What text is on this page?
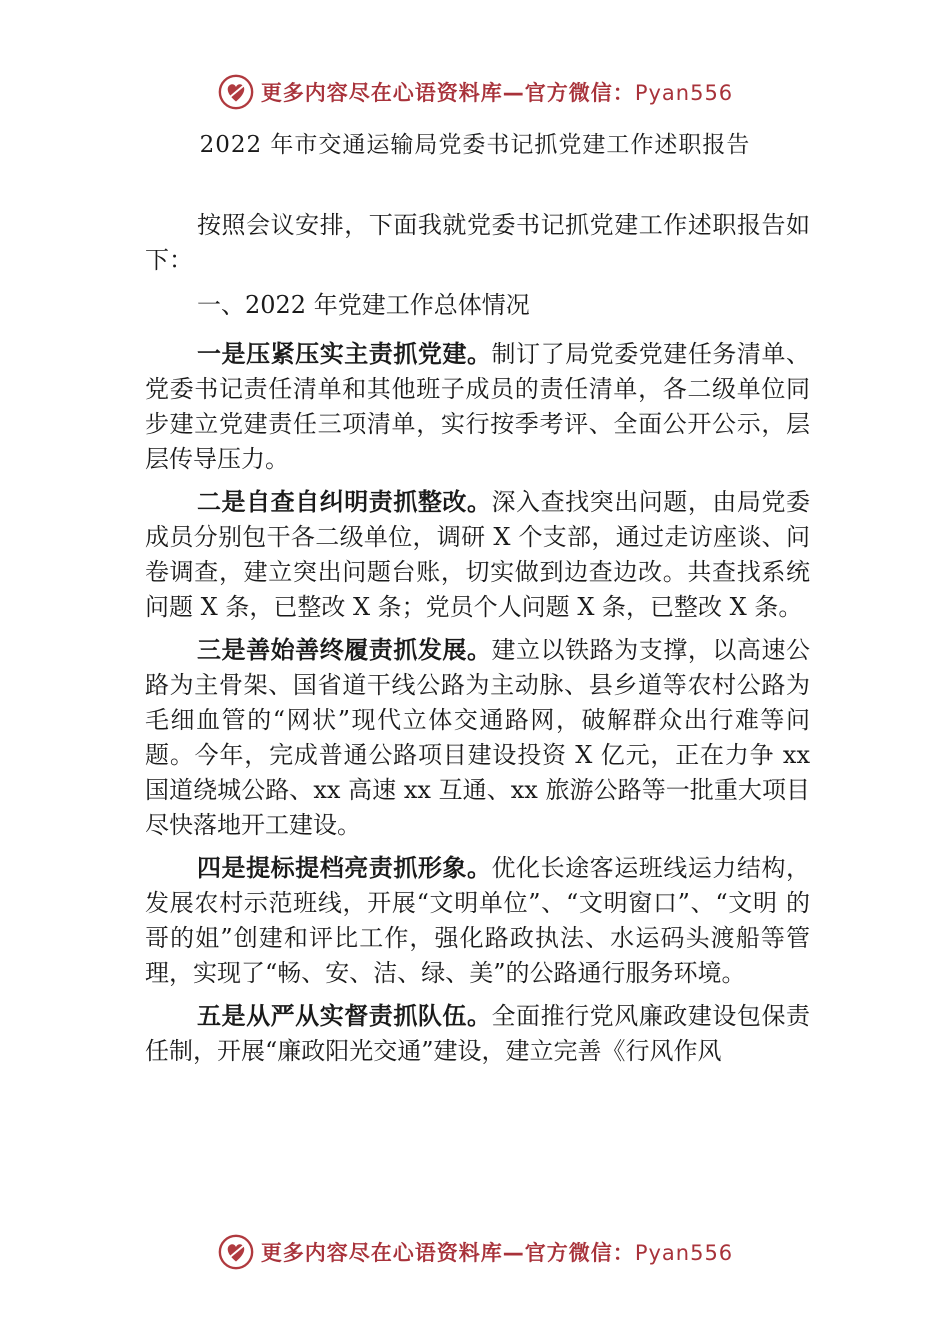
更多内容尽在心语资料库—官方微信：Pyan556
2022 年市交通运输局党委书记抓党建工作述职报告

按照会议安排，下面我就党委书记抓党建工作述职报告如下：

一、2022 年党建工作总体情况

一是压紧压实主责抓党建。制订了局党委党建任务清单、党委书记责任清单和其他班子成员的责任清单，各二级单位同步建立党建责任三项清单，实行按季考评、全面公开公示，层层传导压力。

二是自查自纠明责抓整改。深入查找突出问题，由局党委成员分别包干各二级单位，调研 X 个支部，通过走访座谈、问卷调查，建立突出问题台账，切实做到边查边改。共查找系统问题 X 条，已整改 X 条；党员个人问题 X 条，已整改 X 条。

三是善始善终履责抓发展。建立以铁路为支撑，以高速公路为主骨架、国省道干线公路为主动脉、县乡道等农村公路为毛细血管的“网状”现代立体交通路网，破解群众出行难等问题。今年，完成普通公路项目建设投资 X 亿元，正在力争 xx 国道绕城公路、xx 高速 xx 互通、xx 旅游公路等一批重大项目尽快落地开工建设。

四是提标提档亮责抓形象。优化长途客运班线运力结构，发展农村示范班线，开展“文明单位”、“文明窗口”、“文明 的哥的姐”创建和评比工作，强化路政执法、水运码头渡船等管理，实现了“畅、安、洁、绿、美”的公路通行服务环境。

五是从严从实督责抓队伍。全面推行党风廉政建设包保责任制，开展“廉政阳光交通”建设，建立完善《行风作风

更多内容尽在心语资料库—官方微信：Pyan556
